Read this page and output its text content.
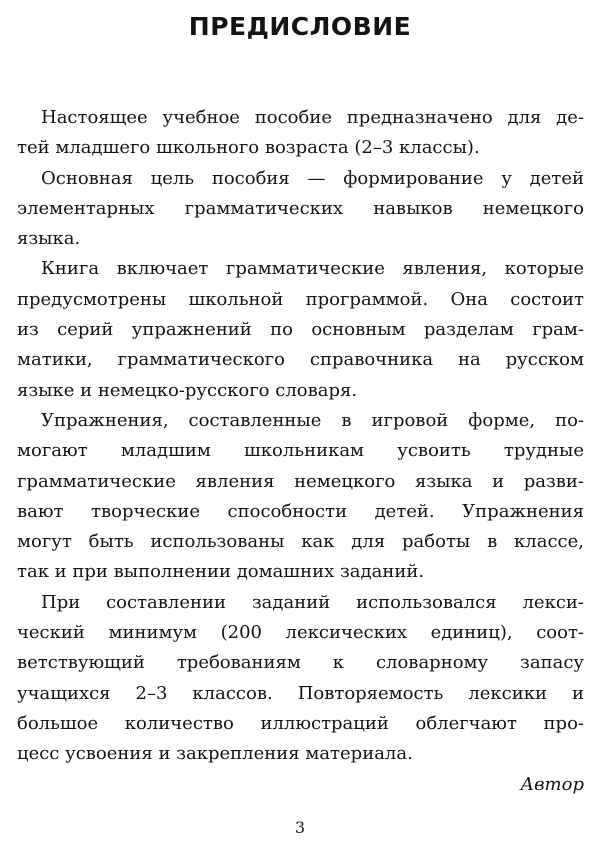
ПРЕДИСЛОВИЕ

Настоящее учебное пособие предназначено для де-
тей младшего школьного возраста (2–3 классы).

Основная цель пособия — формирование у детей
элементарных грамматических навыков немецкого
языка.

Книга включает грамматические явления, которые
предусмотрены школьной программой. Она состоит
из серий упражнений по основным разделам грам-
матики, грамматического справочника на русском
языке и немецко-русского словаря.

Упражнения, составленные в игровой форме, по-
могают младшим школьникам усвоить трудные
грамматические явления немецкого языка и разви-
вают творческие способности детей. Упражнения
могут быть использованы как для работы в классе,
так и при выполнении домашних заданий.

При составлении заданий использовался лекси-
ческий минимум (200 лексических единиц), соот-
ветствующий требованиям к словарному запасу
учащихся 2–3 классов. Повторяемость лексики и
большое количество иллюстраций облегчают про-
цесс усвоения и закрепления материала.

Автор
3
